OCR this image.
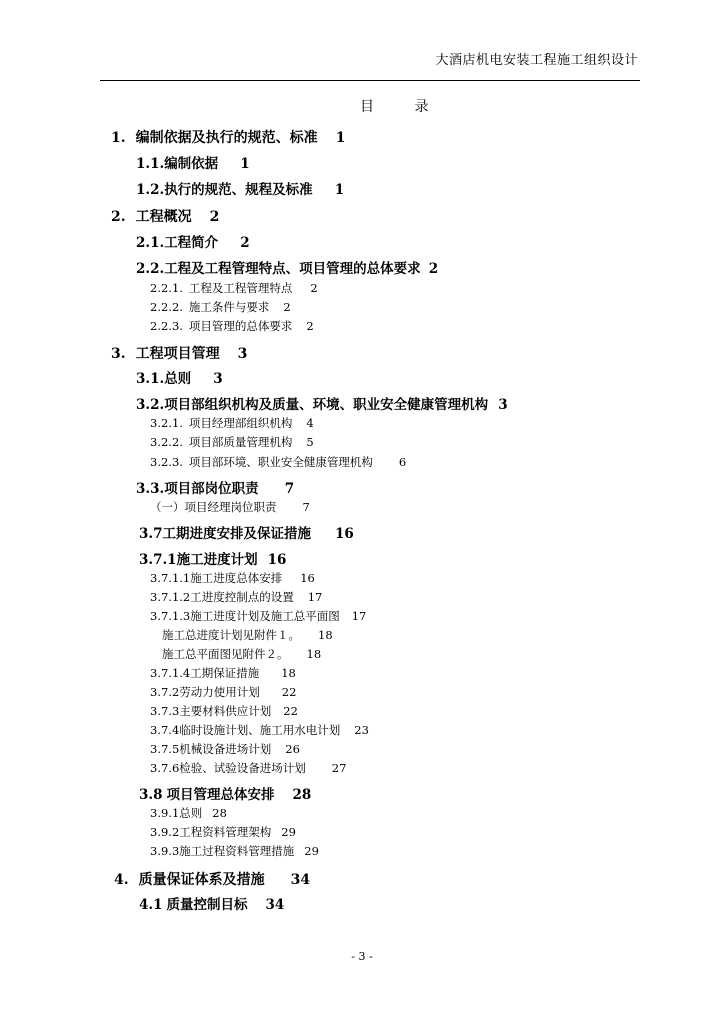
大酒店机电安装工程施工组织设计
目 录
1. 编制依据及执行的规范、标准 1
1.1.编制依据 1
1.2.执行的规范、规程及标准 1
2. 工程概况 2
2.1.工程简介 2
2.2.工程及工程管理特点、项目管理的总体要求 2
2.2.1. 工程及工程管理特点 2
2.2.2. 施工条件与要求 2
2.2.3. 项目管理的总体要求 2
3. 工程项目管理 3
3.1.总则 3
3.2.项目部组织机构及质量、环境、职业安全健康管理机构 3
3.2.1. 项目经理部组织机构 4
3.2.2. 项目部质量管理机构 5
3.2.3. 项目部环境、职业安全健康管理机构 6
3.3.项目部岗位职责 7
（一）项目经理岗位职责 7
3.7工期进度安排及保证措施 16
3.7.1施工进度计划 16
3.7.1.1施工进度总体安排 16
3.7.1.2工进度控制点的设置 17
3.7.1.3施工进度计划及施工总平面图 17
施工总进度计划见附件１。 18
施工总平面图见附件２。 18
3.7.1.4工期保证措施 18
3.7.2劳动力使用计划 22
3.7.3主要材料供应计划 22
3.7.4临时设施计划、施工用水电计划 23
3.7.5机械设备进场计划 26
3.7.6检验、试验设备进场计划 27
3.8 项目管理总体安排 28
3.9.1总则 28
3.9.2工程资料管理架构 29
3.9.3施工过程资料管理措施 29
4. 质量保证体系及措施 34
4.1 质量控制目标 34
- 3 -
